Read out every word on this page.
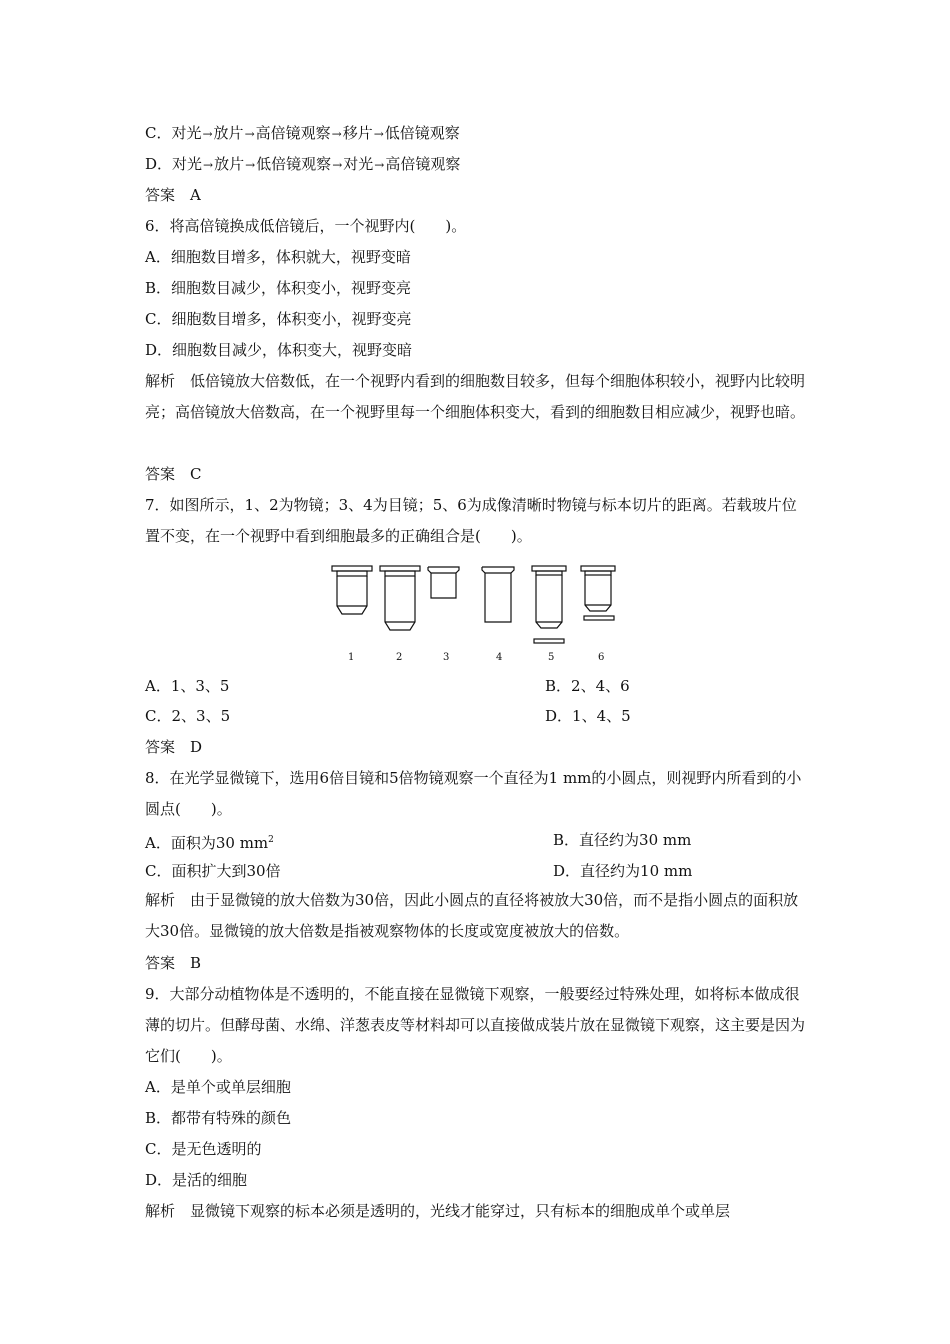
C．对光→放片→高倍镜观察→移片→低倍镜观察
D．对光→放片→低倍镜观察→对光→高倍镜观察
答案　A
6．将高倍镜换成低倍镜后，一个视野内(　　)。
A．细胞数目增多，体积就大，视野变暗
B．细胞数目减少，体积变小，视野变亮
C．细胞数目增多，体积变小，视野变亮
D．细胞数目减少，体积变大，视野变暗
解析　低倍镜放大倍数低，在一个视野内看到的细胞数目较多，但每个细胞体积较小，视野内比较明亮；高倍镜放大倍数高，在一个视野里每一个细胞体积变大，看到的细胞数目相应减少，视野也暗。
答案　C
7．如图所示，1、2为物镜；3、4为目镜；5、6为成像清晰时物镜与标本切片的距离。若载玻片位置不变，在一个视野中看到细胞最多的正确组合是(　　)。
1	2	3	4	5	6
A．1、3、5	B．2、4、6
C．2、3、5	D．1、4、5
答案　D
8．在光学显微镜下，选用6倍目镜和5倍物镜观察一个直径为1 mm的小圆点，则视野内所看到的小圆点(　　)。
A．面积为30 $mm^2$	B．直径约为30 mm
C．面积扩大到30倍	D．直径约为10 mm
解析　由于显微镜的放大倍数为30倍，因此小圆点的直径将被放大30倍，而不是指小圆点的面积放大30倍。显微镜的放大倍数是指被观察物体的长度或宽度被放大的倍数。
答案　B
9．大部分动植物体是不透明的，不能直接在显微镜下观察，一般要经过特殊处理，如将标本做成很薄的切片。但酵母菌、水绵、洋葱表皮等材料却可以直接做成装片放在显微镜下观察，这主要是因为它们(　　)。
A．是单个或单层细胞
B．都带有特殊的颜色
C．是无色透明的
D．是活的细胞
解析　显微镜下观察的标本必须是透明的，光线才能穿过，只有标本的细胞成单个或单层
